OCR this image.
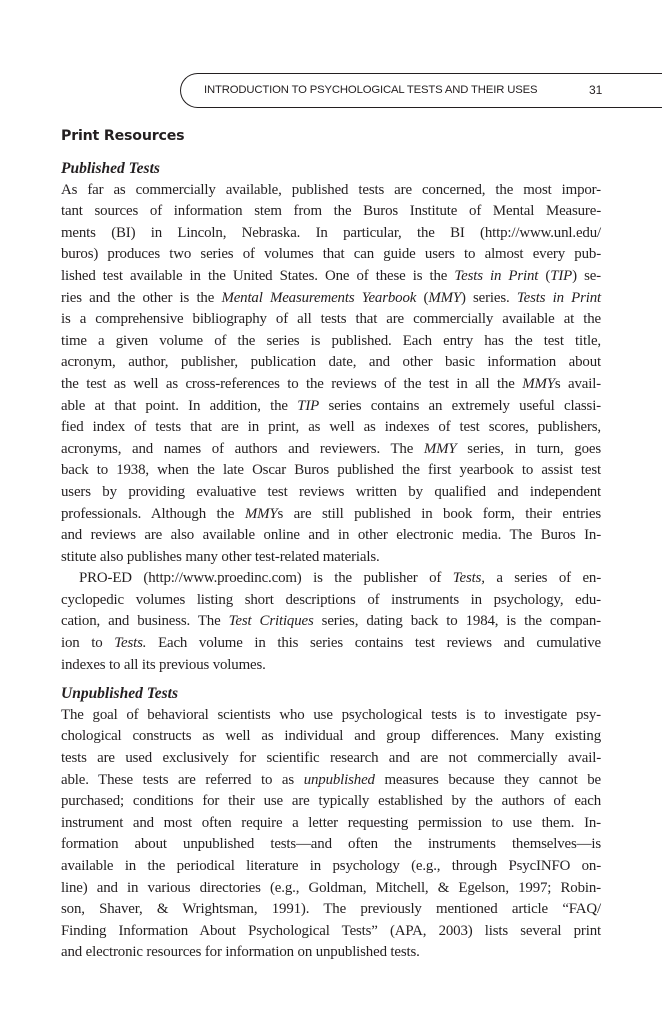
INTRODUCTION TO PSYCHOLOGICAL TESTS AND THEIR USES	31
Print Resources
Published Tests
As far as commercially available, published tests are concerned, the most impor-
tant sources of information stem from the Buros Institute of Mental Measure-
ments (BI) in Lincoln, Nebraska. In particular, the BI (http://www.unl.edu/
buros) produces two series of volumes that can guide users to almost every pub-
lished test available in the United States. One of these is the Tests in Print (TIP) se-
ries and the other is the Mental Measurements Yearbook (MMY) series. Tests in Print
is a comprehensive bibliography of all tests that are commercially available at the
time a given volume of the series is published. Each entry has the test title,
acronym, author, publisher, publication date, and other basic information about
the test as well as cross-references to the reviews of the test in all the MMYs avail-
able at that point. In addition, the TIP series contains an extremely useful classi-
fied index of tests that are in print, as well as indexes of test scores, publishers,
acronyms, and names of authors and reviewers. The MMY series, in turn, goes
back to 1938, when the late Oscar Buros published the first yearbook to assist test
users by providing evaluative test reviews written by qualified and independent
professionals. Although the MMYs are still published in book form, their entries
and reviews are also available online and in other electronic media. The Buros In-
stitute also publishes many other test-related materials.
PRO-ED (http://www.proedinc.com) is the publisher of Tests, a series of en-
cyclopedic volumes listing short descriptions of instruments in psychology, edu-
cation, and business. The Test Critiques series, dating back to 1984, is the compan-
ion to Tests. Each volume in this series contains test reviews and cumulative
indexes to all its previous volumes.
Unpublished Tests
The goal of behavioral scientists who use psychological tests is to investigate psy-
chological constructs as well as individual and group differences. Many existing
tests are used exclusively for scientific research and are not commercially avail-
able. These tests are referred to as unpublished measures because they cannot be
purchased; conditions for their use are typically established by the authors of each
instrument and most often require a letter requesting permission to use them. In-
formation about unpublished tests—and often the instruments themselves—is
available in the periodical literature in psychology (e.g., through PsycINFO on-
line) and in various directories (e.g., Goldman, Mitchell, & Egelson, 1997; Robin-
son, Shaver, & Wrightsman, 1991). The previously mentioned article “FAQ/
Finding Information About Psychological Tests” (APA, 2003) lists several print
and electronic resources for information on unpublished tests.
